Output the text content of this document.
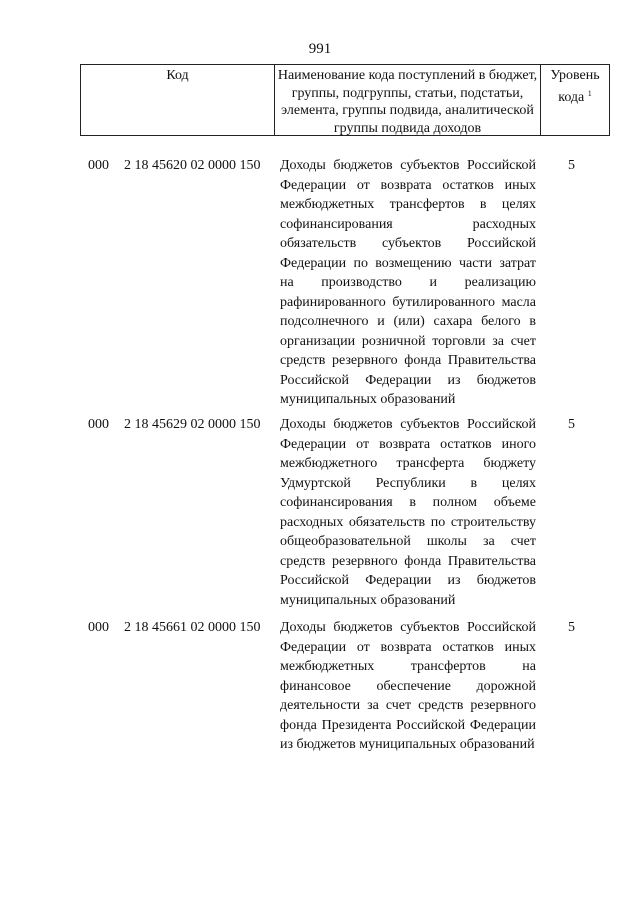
991
Код	Наименование кода поступлений в бюджет, группы, подгруппы, статьи, подстатьи, элемента, группы подвида, аналитической группы подвида доходов
Уровень кода $^1$
000 2 18 45620 02 0000 150 Доходы бюджетов субъектов Российской Федерации от возврата остатков иных межбюджетных трансфертов в целях софинансирования расходных обязательств субъектов Российской Федерации по возмещению части затрат на производство и реализацию рафинированного бутилированного масла подсолнечного и (или) сахара белого в организации розничной торговли за счет средств резервного фонда Правительства Российской Федерации из бюджетов муниципальных образований
5
000 2 18 45629 02 0000 150 Доходы бюджетов субъектов Российской Федерации от возврата остатков иного межбюджетного трансферта бюджету Удмуртской Республики в целях софинансирования в полном объеме расходных обязательств по строительству общеобразовательной школы за счет средств резервного фонда Правительства Российской Федерации из бюджетов муниципальных образований
5
000 2 18 45661 02 0000 150 Доходы бюджетов субъектов Российской Федерации от возврата остатков иных межбюджетных трансфертов на финансовое обеспечение дорожной деятельности за счет средств резервного фонда Президента Российской Федерации из бюджетов муниципальных образований
5
